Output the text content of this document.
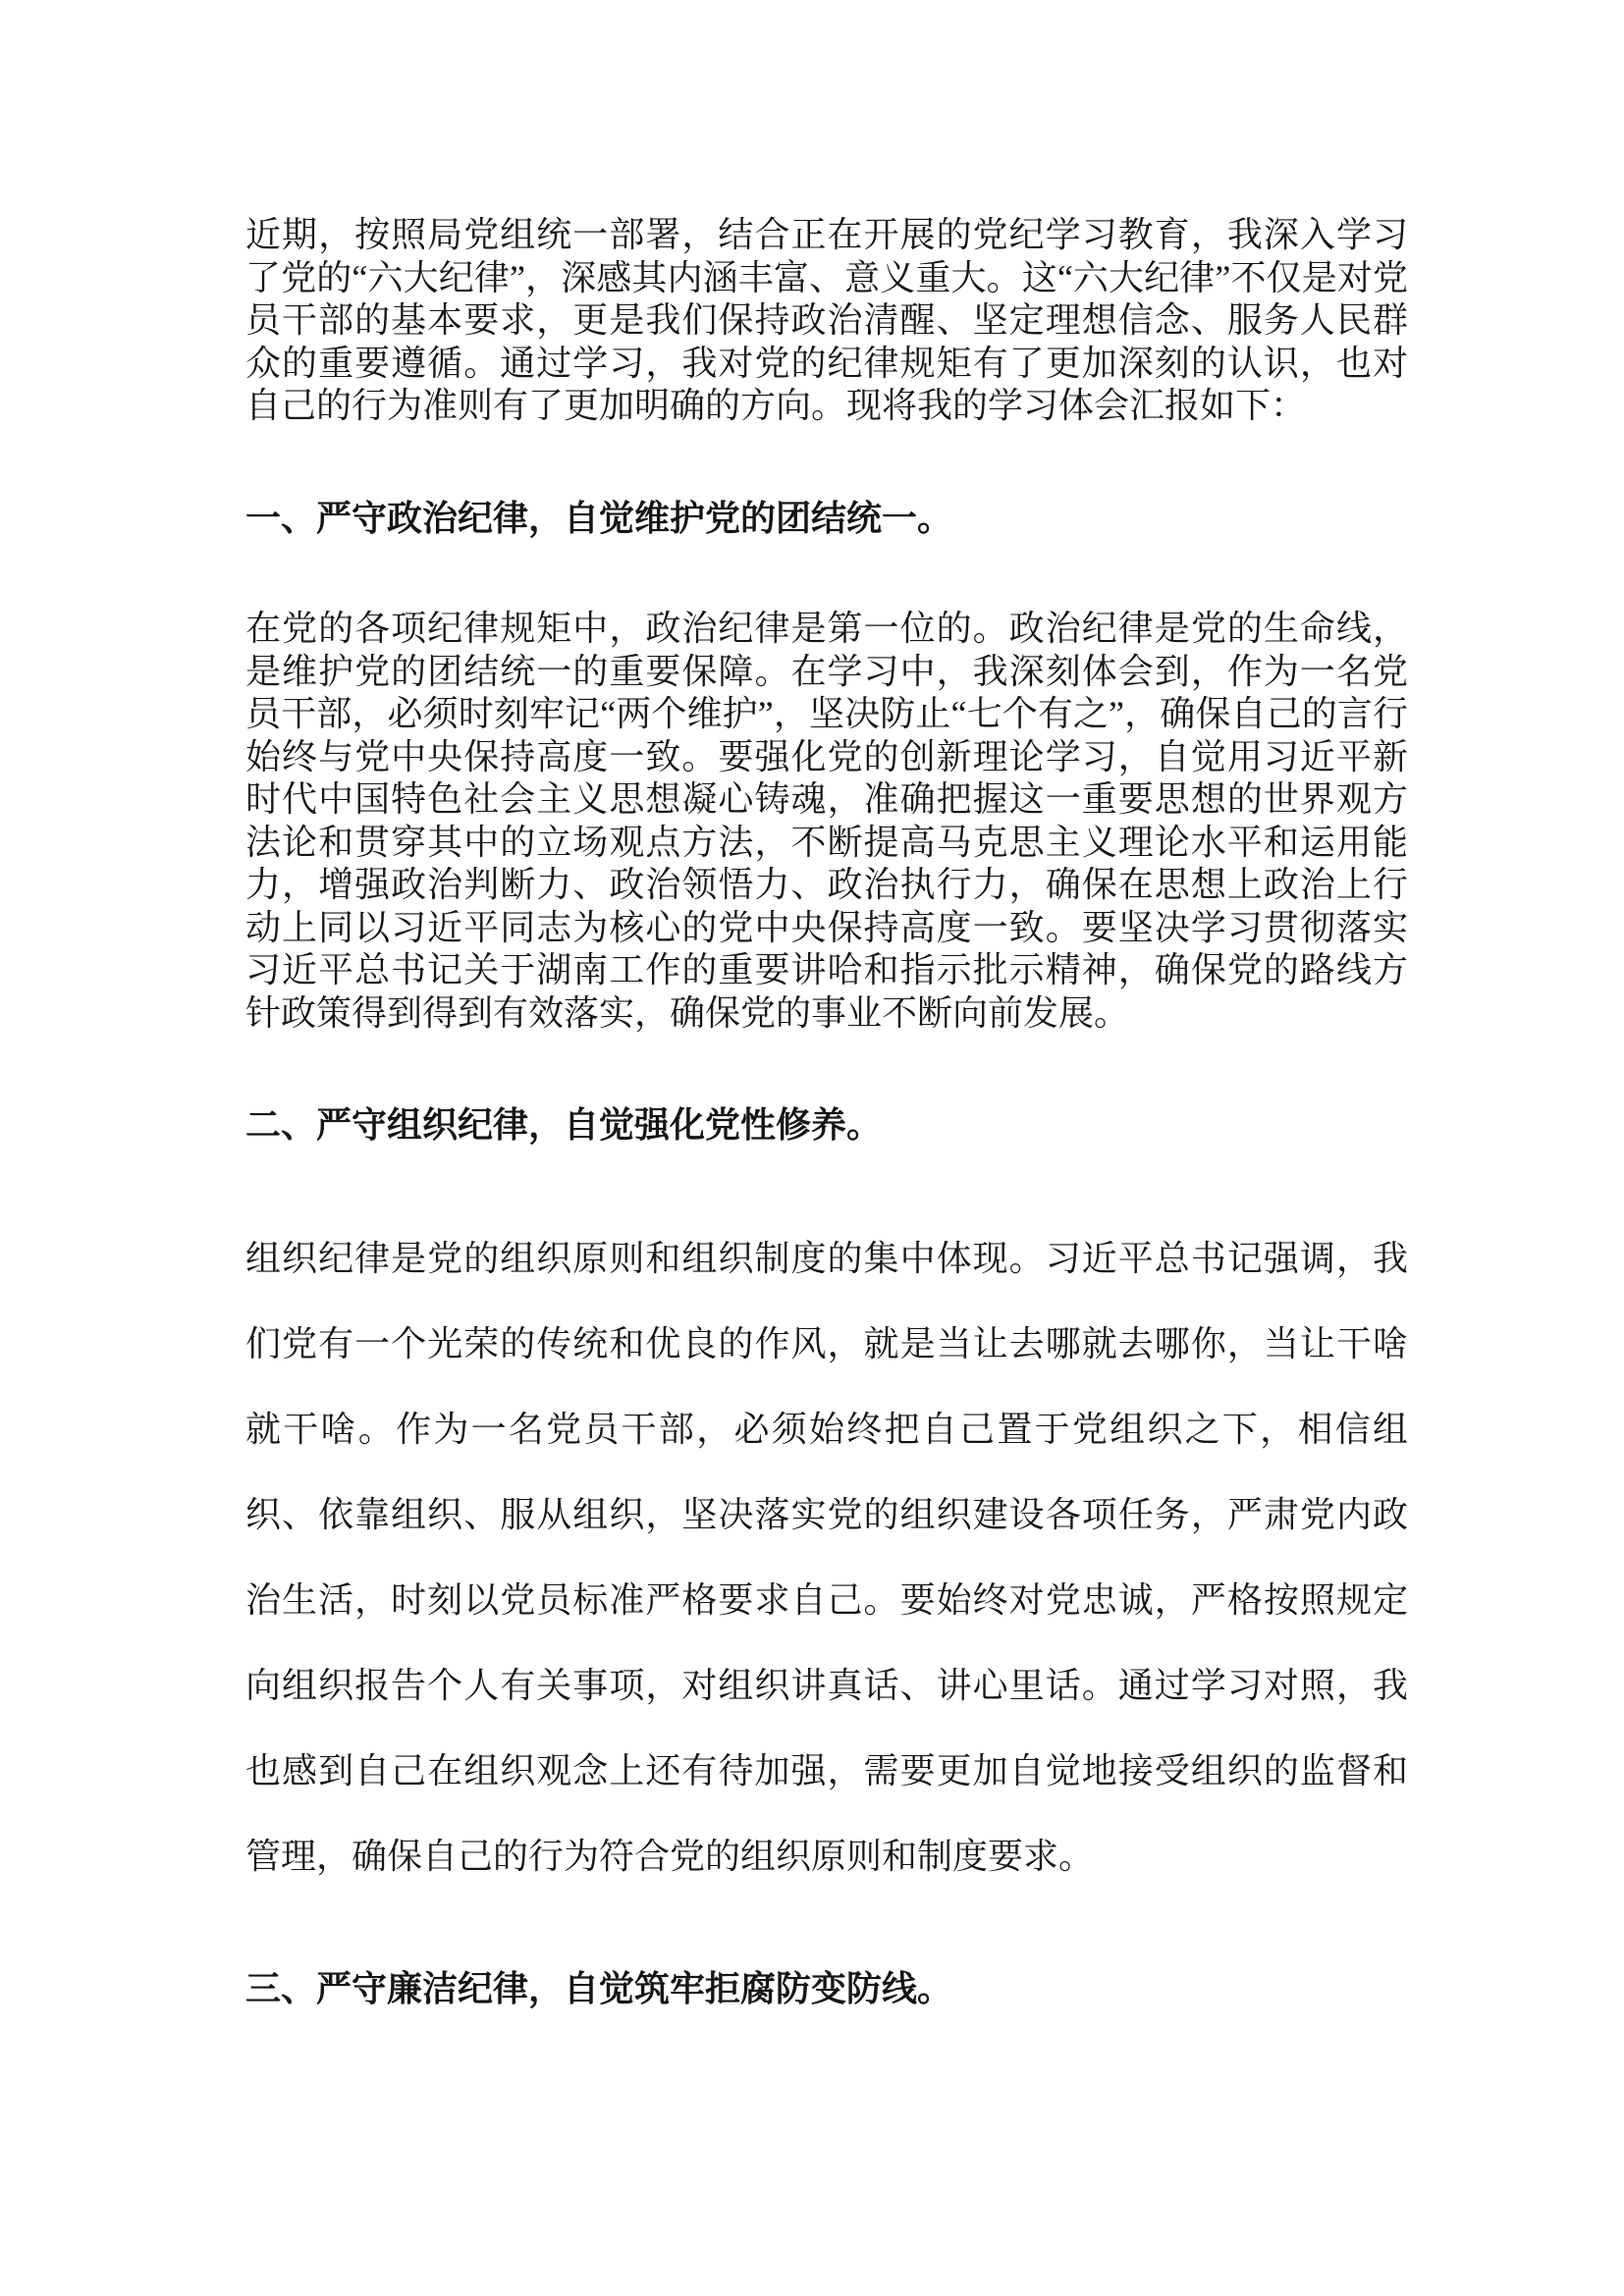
近期，按照局党组统一部署，结合正在开展的党纪学习教育，我深入学习了党的“六大纪律”，深感其内涵丰富、意义重大。这“六大纪律”不仅是对党员干部的基本要求，更是我们保持政治清醒、坚定理想信念、服务人民群众的重要遵循。通过学习，我对党的纪律规矩有了更加深刻的认识，也对自己的行为准则有了更加明确的方向。现将我的学习体会汇报如下：

一、严守政治纪律，自觉维护党的团结统一。

在党的各项纪律规矩中，政治纪律是第一位的。政治纪律是党的生命线，是维护党的团结统一的重要保障。在学习中，我深刻体会到，作为一名党员干部，必须时刻牢记“两个维护”，坚决防止“七个有之”，确保自己的言行始终与党中央保持高度一致。要强化党的创新理论学习，自觉用习近平新时代中国特色社会主义思想凝心铸魂，准确把握这一重要思想的世界观方法论和贯穿其中的立场观点方法，不断提高马克思主义理论水平和运用能力，增强政治判断力、政治领悟力、政治执行力，确保在思想上政治上行动上同以习近平同志为核心的党中央保持高度一致。要坚决学习贯彻落实习近平总书记关于湖南工作的重要讲哈和指示批示精神，确保党的路线方针政策得到得到有效落实，确保党的事业不断向前发展。

二、严守组织纪律，自觉强化党性修养。

组织纪律是党的组织原则和组织制度的集中体现。习近平总书记强调，我们党有一个光荣的传统和优良的作风，就是当让去哪就去哪你，当让干啥就干啥。作为一名党员干部，必须始终把自己置于党组织之下，相信组织、依靠组织、服从组织，坚决落实党的组织建设各项任务，严肃党内政治生活，时刻以党员标准严格要求自己。要始终对党忠诚，严格按照规定向组织报告个人有关事项，对组织讲真话、讲心里话。通过学习对照，我也感到自己在组织观念上还有待加强，需要更加自觉地接受组织的监督和管理，确保自己的行为符合党的组织原则和制度要求。

三、严守廉洁纪律，自觉筑牢拒腐防变防线。
